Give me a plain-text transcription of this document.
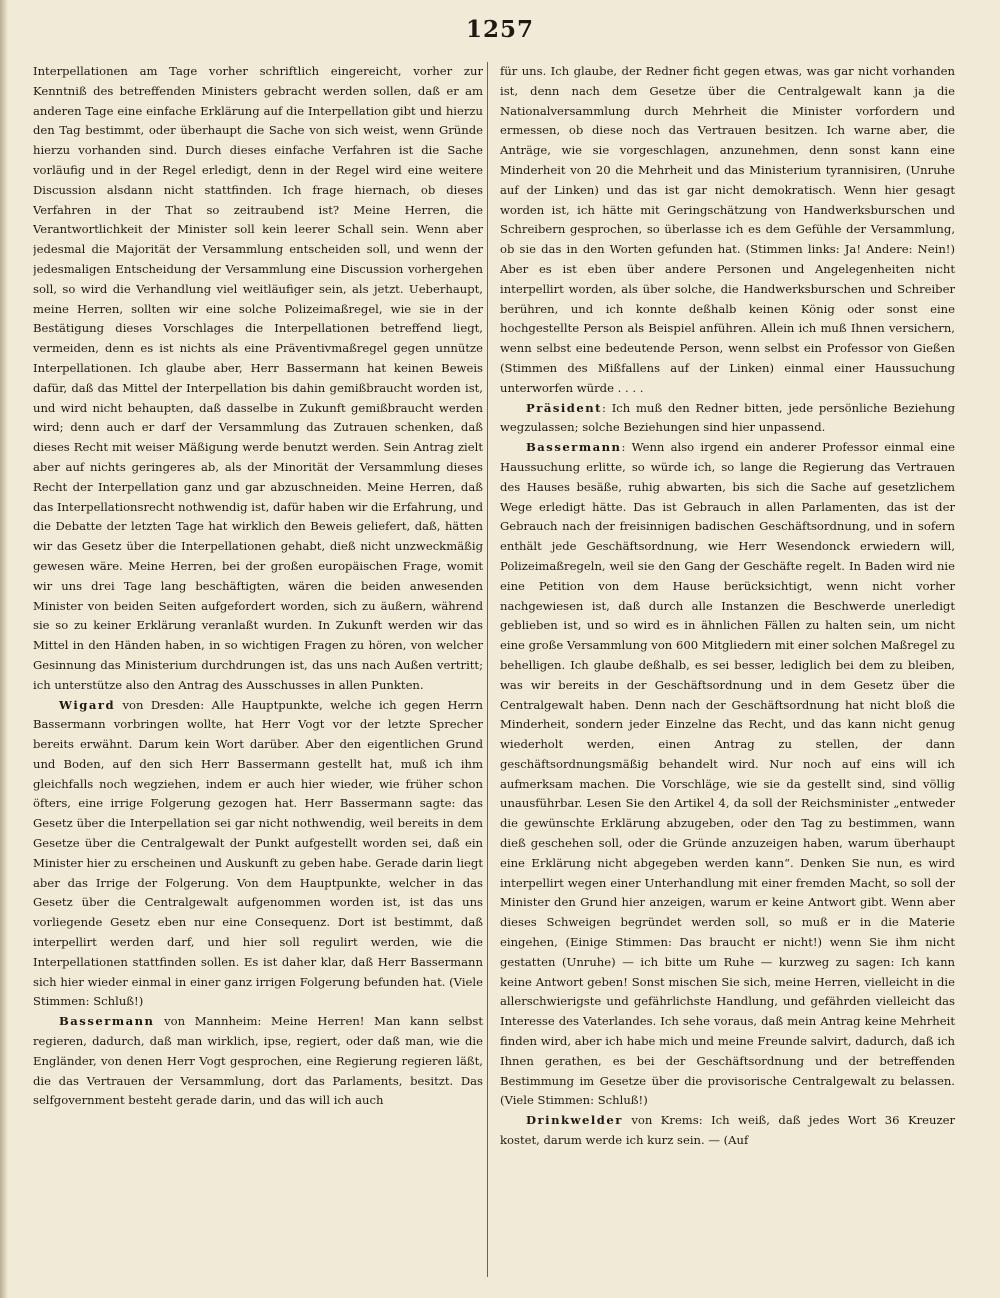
1257

Interpellationen am Tage vorher schriftlich eingereicht, vorher zur Kenntniß des betreffenden Ministers gebracht werden sollen, daß er am anderen Tage eine einfache Erklärung auf die Interpellation gibt und hierzu den Tag bestimmt, oder überhaupt die Sache von sich weist, wenn Gründe hierzu vorhanden sind. Durch dieses einfache Verfahren ist die Sache vorläufig und in der Regel erledigt, denn in der Regel wird eine weitere Discussion alsdann nicht stattfinden. Ich frage hiernach, ob dieses Verfahren in der That so zeitraubend ist? Meine Herren, die Verantwortlichkeit der Minister soll kein leerer Schall sein. Wenn aber jedesmal die Majorität der Versammlung entscheiden soll, und wenn der jedesmaligen Entscheidung der Versammlung eine Discussion vorhergehen soll, so wird die Verhandlung viel weitläufiger sein, als jetzt. Ueberhaupt, meine Herren, sollten wir eine solche Polizeimaßregel, wie sie in der Bestätigung dieses Vorschlages die Interpellationen betreffend liegt, vermeiden, denn es ist nichts als eine Präventivmaßregel gegen unnütze Interpellationen. Ich glaube aber, Herr Bassermann hat keinen Beweis dafür, daß das Mittel der Interpellation bis dahin gemißbraucht worden ist, und wird nicht behaupten, daß dasselbe in Zukunft gemißbraucht werden wird; denn auch er darf der Versammlung das Zutrauen schenken, daß dieses Recht mit weiser Mäßigung werde benutzt werden. Sein Antrag zielt aber auf nichts geringeres ab, als der Minorität der Versammlung dieses Recht der Interpellation ganz und gar abzuschneiden. Meine Herren, daß das Interpellationsrecht nothwendig ist, dafür haben wir die Erfahrung, und die Debatte der letzten Tage hat wirklich den Beweis geliefert, daß, hätten wir das Gesetz über die Interpellationen gehabt, dieß nicht unzweckmäßig gewesen wäre. Meine Herren, bei der großen europäischen Frage, womit wir uns drei Tage lang beschäftigten, wären die beiden anwesenden Minister von beiden Seiten aufgefordert worden, sich zu äußern, während sie so zu keiner Erklärung veranlaßt wurden. In Zukunft werden wir das Mittel in den Händen haben, in so wichtigen Fragen zu hören, von welcher Gesinnung das Ministerium durchdrungen ist, das uns nach Außen vertritt; ich unterstütze also den Antrag des Ausschusses in allen Punkten.

Wigard von Dresden: Alle Hauptpunkte, welche ich gegen Herrn Bassermann vorbringen wollte, hat Herr Vogt vor der letzte Sprecher bereits erwähnt. Darum kein Wort darüber. Aber den eigentlichen Grund und Boden, auf den sich Herr Bassermann gestellt hat, muß ich ihm gleichfalls noch wegziehen, indem er auch hier wieder, wie früher schon öfters, eine irrige Folgerung gezogen hat. Herr Bassermann sagte: das Gesetz über die Interpellation sei gar nicht nothwendig, weil bereits in dem Gesetze über die Centralgewalt der Punkt aufgestellt worden sei, daß ein Minister hier zu erscheinen und Auskunft zu geben habe. Gerade darin liegt aber das Irrige der Folgerung. Von dem Hauptpunkte, welcher in das Gesetz über die Centralgewalt aufgenommen worden ist, ist das uns vorliegende Gesetz eben nur eine Consequenz. Dort ist bestimmt, daß interpellirt werden darf, und hier soll regulirt werden, wie die Interpellationen stattfinden sollen. Es ist daher klar, daß Herr Bassermann sich hier wieder einmal in einer ganz irrigen Folgerung befunden hat. (Viele Stimmen: Schluß!)

Bassermann von Mannheim: Meine Herren! Man kann selbst regieren, dadurch, daß man wirklich, ipse, regiert, oder daß man, wie die Engländer, von denen Herr Vogt gesprochen, eine Regierung regieren läßt, die das Vertrauen der Versammlung, dort das Parlaments, besitzt. Das selfgovernment besteht gerade darin, und das will ich auch

für uns. Ich glaube, der Redner ficht gegen etwas, was gar nicht vorhanden ist, denn nach dem Gesetze über die Centralgewalt kann ja die Nationalversammlung durch Mehrheit die Minister vorfordern und ermessen, ob diese noch das Vertrauen besitzen. Ich warne aber, die Anträge, wie sie vorgeschlagen, anzunehmen, denn sonst kann eine Minderheit von 20 die Mehrheit und das Ministerium tyrannisiren, (Unruhe auf der Linken) und das ist gar nicht demokratisch. Wenn hier gesagt worden ist, ich hätte mit Geringschätzung von Handwerksburschen und Schreibern gesprochen, so überlasse ich es dem Gefühle der Versammlung, ob sie das in den Worten gefunden hat. (Stimmen links: Ja! Andere: Nein!) Aber es ist eben über andere Personen und Angelegenheiten nicht interpellirt worden, als über solche, die Handwerksburschen und Schreiber berühren, und ich konnte deßhalb keinen König oder sonst eine hochgestellte Person als Beispiel anführen. Allein ich muß Ihnen versichern, wenn selbst eine bedeutende Person, wenn selbst ein Professor von Gießen (Stimmen des Mißfallens auf der Linken) einmal einer Haussuchung unterworfen würde . . . .

Präsident: Ich muß den Redner bitten, jede persönliche Beziehung wegzulassen; solche Beziehungen sind hier unpassend.

Bassermann: Wenn also irgend ein anderer Professor einmal eine Haussuchung erlitte, so würde ich, so lange die Regierung das Vertrauen des Hauses besäße, ruhig abwarten, bis sich die Sache auf gesetzlichem Wege erledigt hätte. Das ist Gebrauch in allen Parlamenten, das ist der Gebrauch nach der freisinnigen badischen Geschäftsordnung, und in sofern enthält jede Geschäftsordnung, wie Herr Wesendonck erwiedern will, Polizeimaßregeln, weil sie den Gang der Geschäfte regelt. In Baden wird nie eine Petition von dem Hause berücksichtigt, wenn nicht vorher nachgewiesen ist, daß durch alle Instanzen die Beschwerde unerledigt geblieben ist, und so wird es in ähnlichen Fällen zu halten sein, um nicht eine große Versammlung von 600 Mitgliedern mit einer solchen Maßregel zu behelligen. Ich glaube deßhalb, es sei besser, lediglich bei dem zu bleiben, was wir bereits in der Geschäftsordnung und in dem Gesetz über die Centralgewalt haben. Denn nach der Geschäftsordnung hat nicht bloß die Minderheit, sondern jeder Einzelne das Recht, und das kann nicht genug wiederholt werden, einen Antrag zu stellen, der dann geschäftsordnungsmäßig behandelt wird. Nur noch auf eins will ich aufmerksam machen. Die Vorschläge, wie sie da gestellt sind, sind völlig unausführbar. Lesen Sie den Artikel 4, da soll der Reichsminister „entweder die gewünschte Erklärung abzugeben, oder den Tag zu bestimmen, wann dieß geschehen soll, oder die Gründe anzuzeigen haben, warum überhaupt eine Erklärung nicht abgegeben werden kann“. Denken Sie nun, es wird interpellirt wegen einer Unterhandlung mit einer fremden Macht, so soll der Minister den Grund hier anzeigen, warum er keine Antwort gibt. Wenn aber dieses Schweigen begründet werden soll, so muß er in die Materie eingehen, (Einige Stimmen: Das braucht er nicht!) wenn Sie ihm nicht gestatten (Unruhe) — ich bitte um Ruhe — kurzweg zu sagen: Ich kann keine Antwort geben! Sonst mischen Sie sich, meine Herren, vielleicht in die allerschwierigste und gefährlichste Handlung, und gefährden vielleicht das Interesse des Vaterlandes. Ich sehe voraus, daß mein Antrag keine Mehrheit finden wird, aber ich habe mich und meine Freunde salvirt, dadurch, daß ich Ihnen gerathen, es bei der Geschäftsordnung und der betreffenden Bestimmung im Gesetze über die provisorische Centralgewalt zu belassen. (Viele Stimmen: Schluß!)

Drinkwelder von Krems: Ich weiß, daß jedes Wort 36 Kreuzer kostet, darum werde ich kurz sein. — (Auf
